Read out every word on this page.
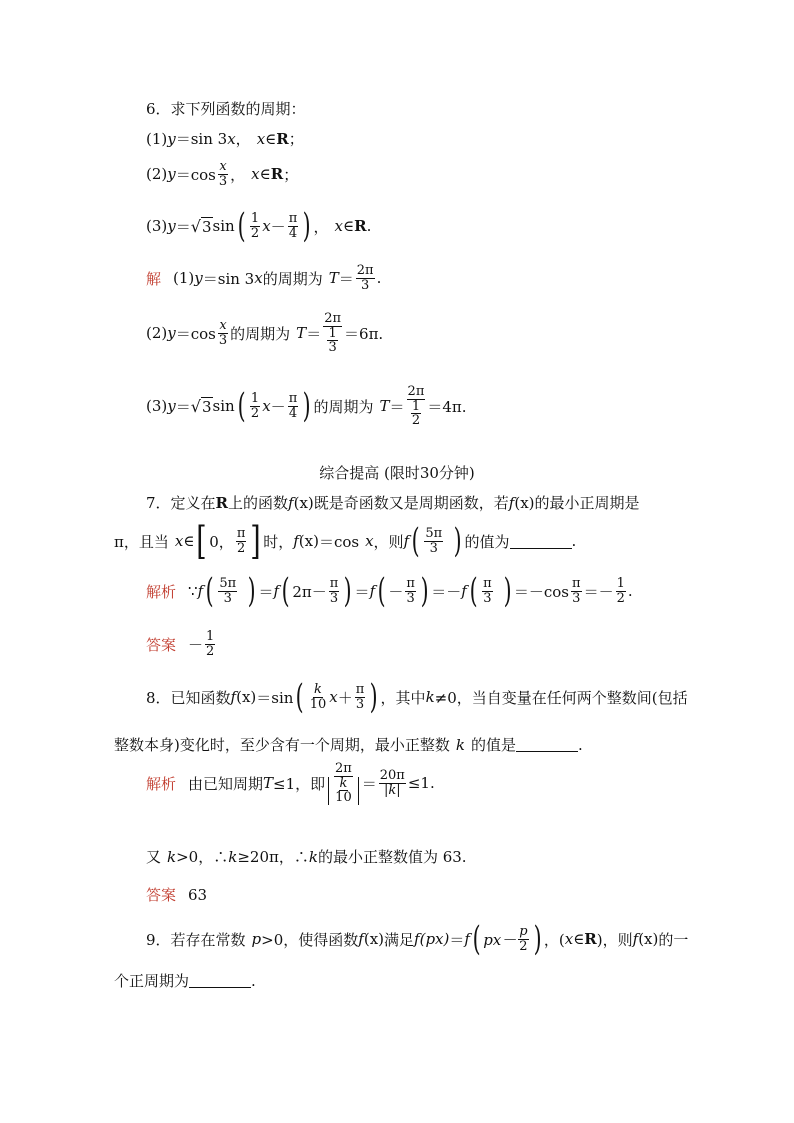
6．求下列函数的周期：
(1) y ＝sin 3 x ， x ∈ R ；
(2) $y =\cos \frac{x}{3}$ ， x ∈ R ；
(3) y ＝ √ 3 sin ( $\frac{1}{2}$ $x - \frac{\pi}{4}$ ) ， x ∈ R .
解 (1) y ＝sin 3 x 的周期为 $T = \frac{2\pi}{3}$ .
(2) $y =\cos \frac{x}{3}$ 的周期为 $T = \frac{2\pi}{\frac{1}{3}} =6\pi$.
(3) y ＝ √ 3 sin ( $\frac{1}{2}$ $x - \frac{\pi}{4}$ ) 的周期为 $T = \frac{2\pi}{\frac{1}{2}} =4\pi$.
综合提高 (限时30分钟)
7．定义在 R 上的函数 f (x) 既是奇函数又是周期函数，若 f (x) 的最小正周期是
π，且当 x ∈ [ 0， $\frac{\pi}{2}$ ] 时， f (x) ＝cos x ，则 f ( $\frac{5\pi}{3}$ ) 的值为	.
解析 ∵ f ( $\frac{5\pi}{3}$ ) ＝ f ( $2\pi- \frac{\pi}{3}$ ) ＝ f ( － $\frac{\pi}{3}$ ) ＝－ f ( $\frac{\pi}{3}$ ) $=-\cos \frac{\pi}{3} =- \frac{1}{2}$ .
答案 － $\frac{1}{2}$
8．已知函数 f (x) ＝sin ( $\frac{k}{10}$ $x + \frac{\pi}{3}$ ) ，其中 k ≠0，当自变量在任何两个整数间(包括
整数本身)变化时，至少含有一个周期，最小正整数 k 的值是	.
解析 由已知周期 T ≤1，即 $\frac{2\pi}{\frac{k}{10}} = \frac{20\pi}{|k|} \le 1$.
又 k >0，∴ k ≥20π，∴ k 的最小正整数值为 63.
答案 63
9．若存在常数 p >0，使得函数 f (x) 满足 f (px) ＝ f ( $px- \frac{p}{2}$ ) ，( x ∈ R )，则 f (x) 的一
个正周期为	.
